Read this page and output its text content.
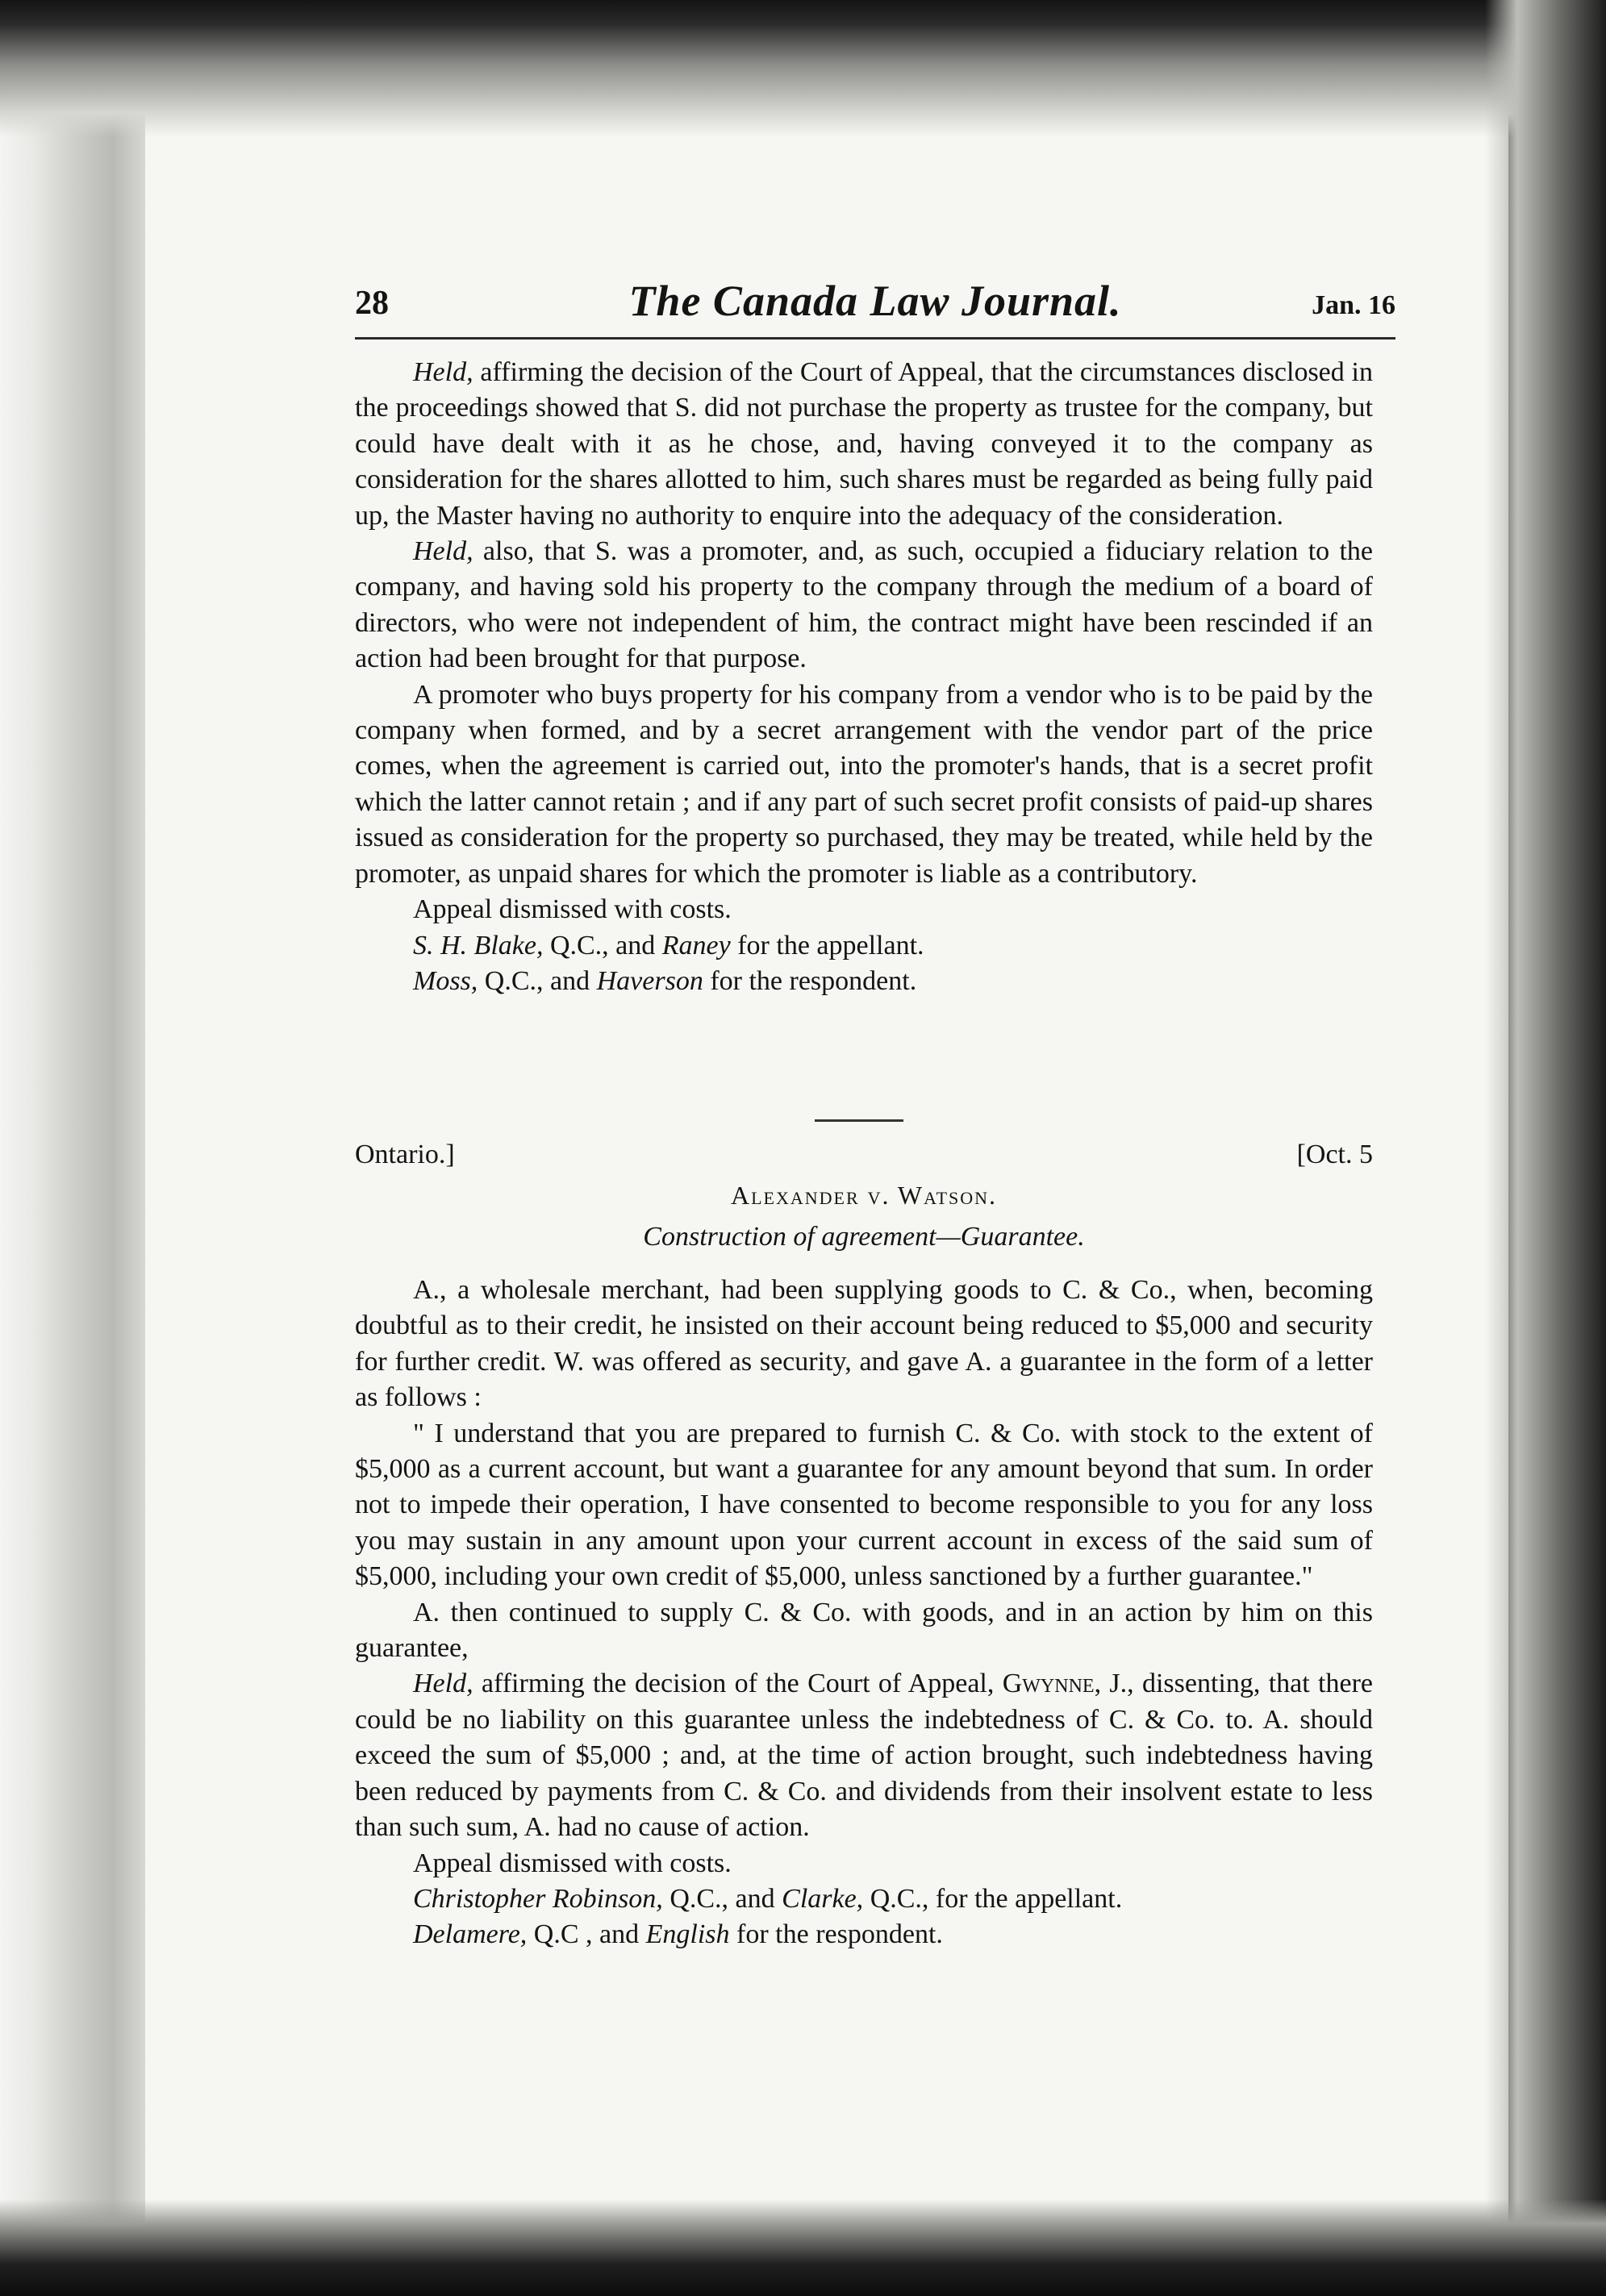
28	The Canada Law Journal.	Jan. 16

Held, affirming the decision of the Court of Appeal, that the circumstances disclosed in the proceedings showed that S. did not purchase the property as trustee for the company, but could have dealt with it as he chose, and, having conveyed it to the company as consideration for the shares allotted to him, such shares must be regarded as being fully paid up, the Master having no authority to enquire into the adequacy of the consideration.

Held, also, that S. was a promoter, and, as such, occupied a fiduciary relation to the company, and having sold his property to the company through the medium of a board of directors, who were not independent of him, the contract might have been rescinded if an action had been brought for that purpose.

A promoter who buys property for his company from a vendor who is to be paid by the company when formed, and by a secret arrangement with the vendor part of the price comes, when the agreement is carried out, into the promoter's hands, that is a secret profit which the latter cannot retain ; and if any part of such secret profit consists of paid-up shares issued as consideration for the property so purchased, they may be treated, while held by the promoter, as unpaid shares for which the promoter is liable as a contributory.

Appeal dismissed with costs.

S. H. Blake, Q.C., and Raney for the appellant.

Moss, Q.C., and Haverson for the respondent.

Ontario.]	[Oct. 5
Alexander v. Watson.
Construction of agreement—Guarantee.

A., a wholesale merchant, had been supplying goods to C. & Co., when, becoming doubtful as to their credit, he insisted on their account being reduced to $5,000 and security for further credit. W. was offered as security, and gave A. a guarantee in the form of a letter as follows :

" I understand that you are prepared to furnish C. & Co. with stock to the extent of $5,000 as a current account, but want a guarantee for any amount beyond that sum. In order not to impede their operation, I have consented to become responsible to you for any loss you may sustain in any amount upon your current account in excess of the said sum of $5,000, including your own credit of $5,000, unless sanctioned by a further guarantee."

A. then continued to supply C. & Co. with goods, and in an action by him on this guarantee,

Held, affirming the decision of the Court of Appeal, Gwynne, J., dissenting, that there could be no liability on this guarantee unless the indebtedness of C. & Co. to. A. should exceed the sum of $5,000 ; and, at the time of action brought, such indebtedness having been reduced by payments from C. & Co. and dividends from their insolvent estate to less than such sum, A. had no cause of action.

Appeal dismissed with costs.

Christopher Robinson, Q.C., and Clarke, Q.C., for the appellant.

Delamere, Q.C , and English for the respondent.
